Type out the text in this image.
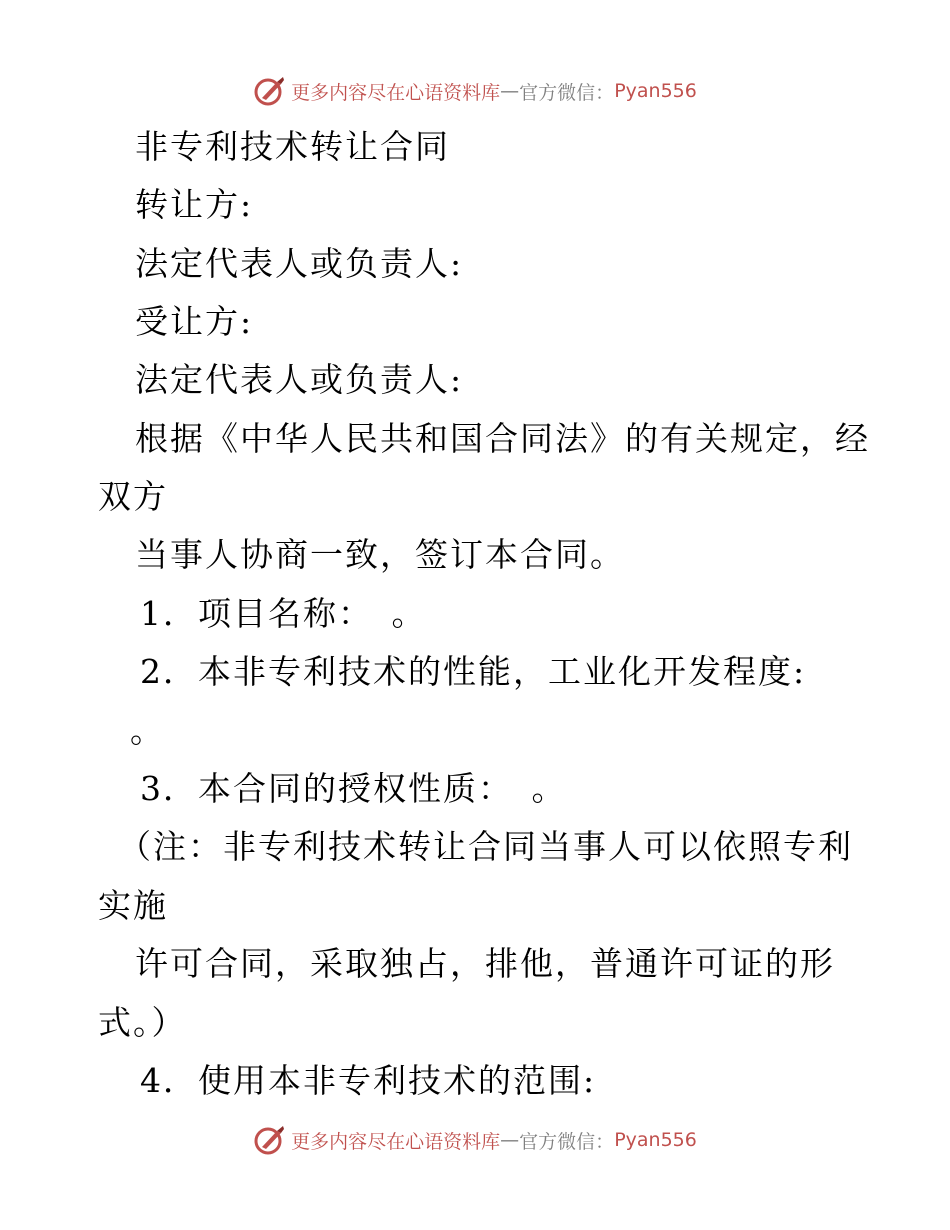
更多内容尽在心语资料库 — 官方微信： Pyan556

非专利技术转让合同

转让方:

法定代表人或负责人:

受让方:

法定代表人或负责人:

根据《中华人民共和国合同法》的有关规定，经

双方

当事人协商一致，签订本合同。

1．项目名称：　。

2．本非专利技术的性能，工业化开发程度:

。

3．本合同的授权性质：　。

（注：非专利技术转让合同当事人可以依照专利

实施

许可合同，采取独占，排他，普通许可证的形

式。）

4．使用本非专利技术的范围:

更多内容尽在心语资料库 — 官方微信： Pyan556
